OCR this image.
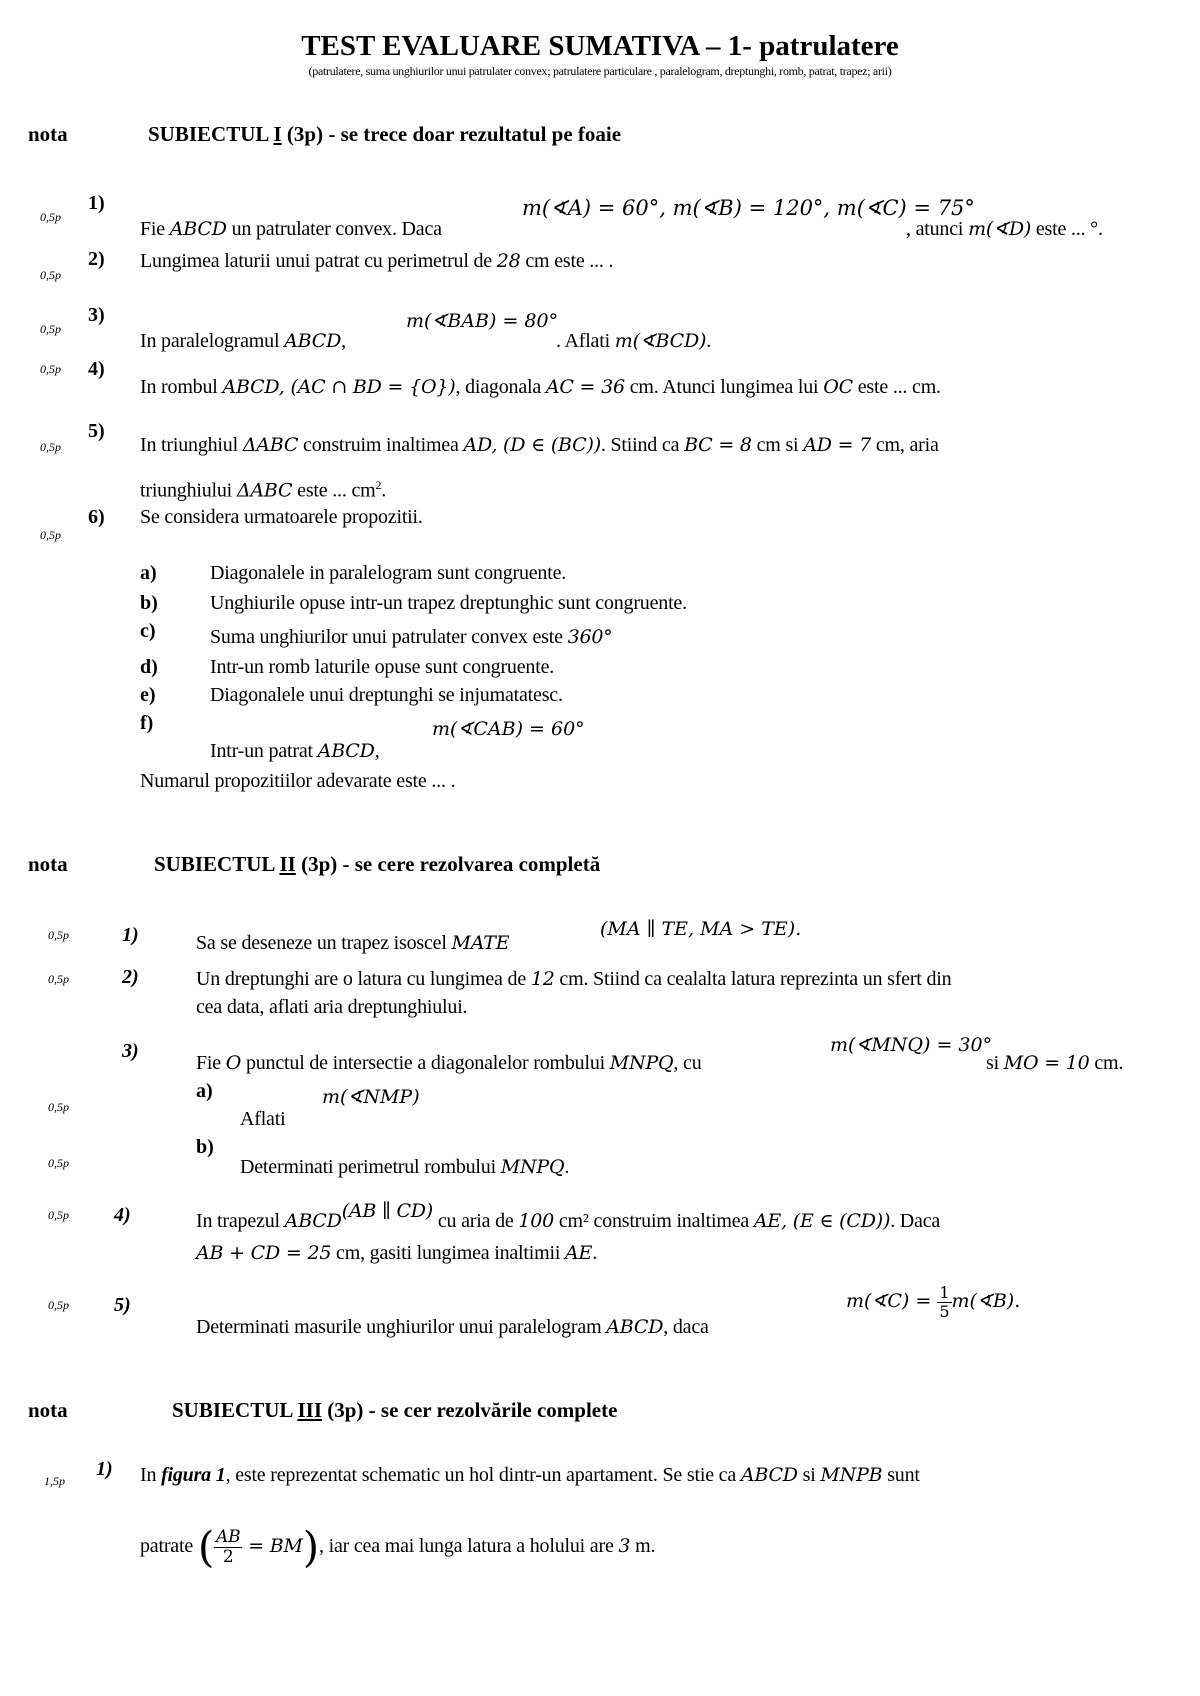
TEST EVALUARE SUMATIVA – 1- patrulatere
(patrulatere, suma unghiurilor unui patrulater convex; patrulatere particulare , paralelogram, dreptunghi, romb, patrat, trapez; arii)
nota	SUBIECTUL I (3p) - se trece doar rezultatul pe foaie
0,5p
1)
Fie ABCD un patrulater convex. Daca
m(∢A) = 60°, m(∢B) = 120°, m(∢C) = 75°
, atunci m(∢D) este ... °.
0,5p
2) Lungimea laturii unui patrat cu perimetrul de 28 cm este ... .
0,5p
3)
In paralelogramul ABCD,
m(∢BAB) = 80°
. Aflati m(∢BCD).
0,5p 4)
In rombul ABCD, (AC ∩ BD = {O}), diagonala AC = 36 cm. Atunci lungimea lui OC este ... cm.
0,5p
5)
In triunghiul ΔABC construim inaltimea AD, (D ∈ (BC)). Stiind ca BC = 8 cm si AD = 7 cm, aria
triunghiului ΔABC este ... $cm^2$.
0,5p
6) Se considera urmatoarele propozitii.
a)	Diagonalele in paralelogram sunt congruente.
b)	Unghiurile opuse intr-un trapez dreptunghic sunt congruente.
c)	Suma unghiurilor unui patrulater convex este 360°
d)	Intr-un romb laturile opuse sunt congruente.
e)	Diagonalele unui dreptunghi se injumatatesc.
f)
Intr-un patrat ABCD,
m(∢CAB) = 60°
Numarul propozitiilor adevarate este ... .
nota	SUBIECTUL II (3p) - se cere rezolvarea completă
0,5p	1)	Sa se deseneze un trapez isoscel MATE
(MA ∥ TE, MA > TE).
0,5p	2)	Un dreptunghi are o latura cu lungimea de 12 cm. Stiind ca cealalta latura reprezinta un sfert din
cea data, aflati aria dreptunghiului.
3)
Fie O punctul de intersectie a diagonalelor rombului MNPQ, cu
m(∢MNQ) = 30°
si MO = 10 cm.
0,5p
a)
Aflati
m(∢NMP)
0,5p
b)
Determinati perimetrul rombului MNPQ.
0,5p 4)	In trapezul ABCD(AB ∥ CD) cu aria de 100 cm² construim inaltimea AE, (E ∈ (CD)). Daca
AB + CD = 25 cm, gasiti lungimea inaltimii AE.
0,5p 5)
Determinati masurile unghiurilor unui paralelogram ABCD, daca
m(∢C) = $\frac{1}{5}$ m(∢B).
nota	SUBIECTUL III (3p) - se cer rezolvările complete
1,5p
1) In figura 1, este reprezentat schematic un hol dintr-un apartament. Se stie ca ABCD si MNPB sunt
patrate ( $\frac{AB}{2} = BM$), iar cea mai lunga latura a holului are 3 m.
